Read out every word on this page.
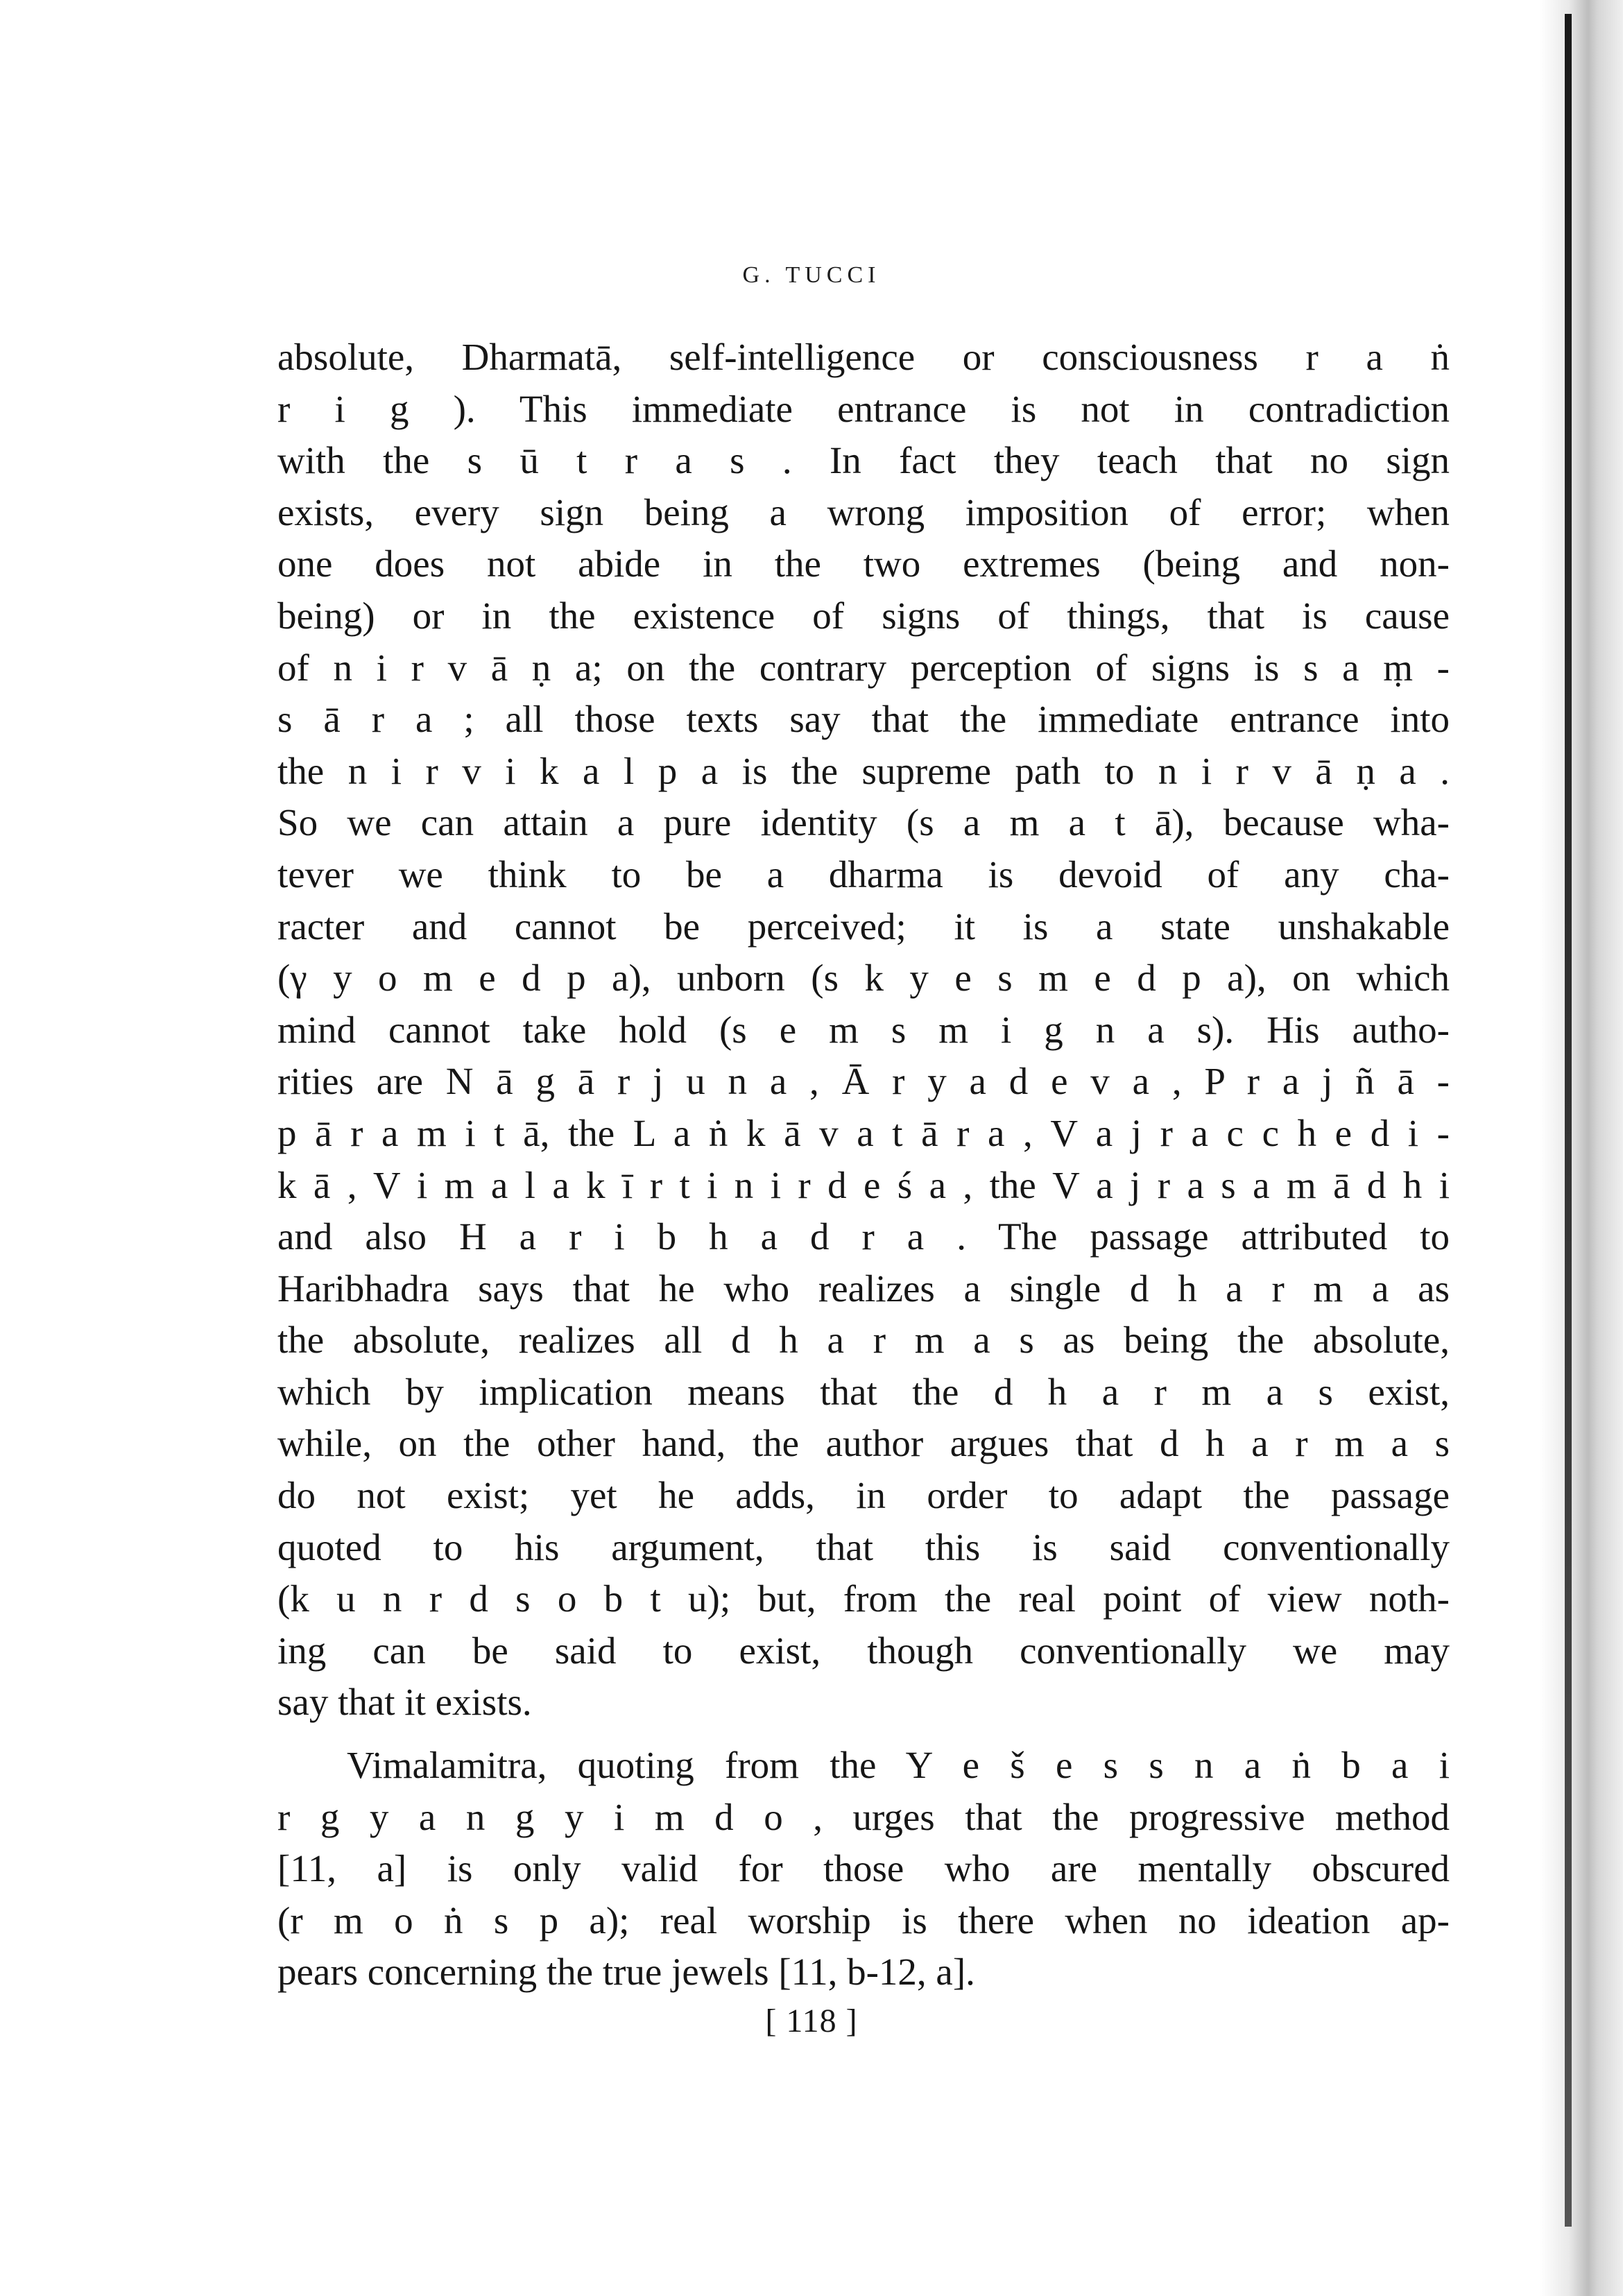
G. TUCCI
absolute, Dharmatā, self-intelligence or consciousness r a ṅ
r i g ). This immediate entrance is not in contradiction
with the s ū t r a s . In fact they teach that no sign
exists, every sign being a wrong imposition of error; when
one does not abide in the two extremes (being and non-
being) or in the existence of signs of things, that is cause
of n i r v ā ṇ a; on the contrary perception of signs is s a ṃ -
s ā r a ; all those texts say that the immediate entrance into
the n i r v i k a l p a is the supreme path to n i r v ā ṇ a .
So we can attain a pure identity (s a m a t ā), because wha-
tever we think to be a dharma is devoid of any cha-
racter and cannot be perceived; it is a state unshakable
(γ y o m e d p a), unborn (s k y e s m e d p a), on which
mind cannot take hold (s e m s m i g n a s). His autho-
rities are N ā g ā r j u n a , Ā r y a d e v a , P r a j ñ ā -
p ā r a m i t ā, the L a ṅ k ā v a t ā r a , V a j r a c c h e d i -
k ā , V i m a l a k ī r t i n i r d e ś a , the V a j r a s a m ā d h i
and also H a r i b h a d r a . The passage attributed to
Haribhadra says that he who realizes a single d h a r m a as
the absolute, realizes all d h a r m a s as being the absolute,
which by implication means that the d h a r m a s exist,
while, on the other hand, the author argues that d h a r m a s
do not exist; yet he adds, in order to adapt the passage
quoted to his argument, that this is said conventionally
(k u n r d s o b t u); but, from the real point of view noth-
ing can be said to exist, though conventionally we may
say that it exists.
Vimalamitra, quoting from the Y e š e s s n a ṅ b a i
r g y a n g y i m d o , urges that the progressive method
[11, a] is only valid for those who are mentally obscured
(r m o ṅ s p a); real worship is there when no ideation ap-
pears concerning the true jewels [11, b-12, a].
[ 118 ]
